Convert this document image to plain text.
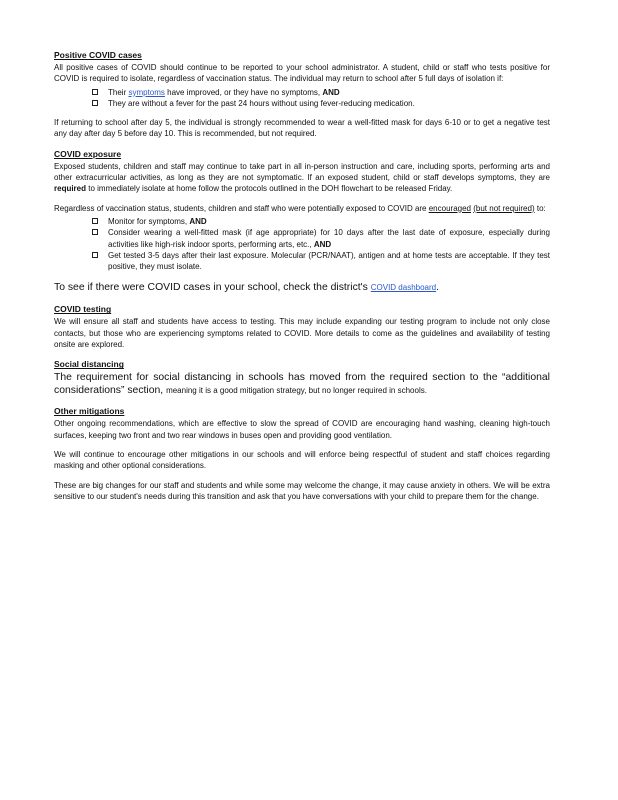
Positive COVID cases

All positive cases of COVID should continue to be reported to your school administrator. A student, child or staff who tests positive for COVID is required to isolate, regardless of vaccination status. The individual may return to school after 5 full days of isolation if:

Their symptoms have improved, or they have no symptoms, AND
They are without a fever for the past 24 hours without using fever-reducing medication.

If returning to school after day 5, the individual is strongly recommended to wear a well-fitted mask for days 6-10 or to get a negative test any day after day 5 before day 10. This is recommended, but not required.

COVID exposure

Exposed students, children and staff may continue to take part in all in-person instruction and care, including sports, performing arts and other extracurricular activities, as long as they are not symptomatic. If an exposed student, child or staff develops symptoms, they are required to immediately isolate at home follow the protocols outlined in the DOH flowchart to be released Friday.

Regardless of vaccination status, students, children and staff who were potentially exposed to COVID are encouraged (but not required) to:

Monitor for symptoms, AND
Consider wearing a well-fitted mask (if age appropriate) for 10 days after the last date of exposure, especially during activities like high-risk indoor sports, performing arts, etc., AND
Get tested 3-5 days after their last exposure. Molecular (PCR/NAAT), antigen and at home tests are acceptable. If they test positive, they must isolate.

To see if there were COVID cases in your school, check the district's COVID dashboard.

COVID testing

We will ensure all staff and students have access to testing. This may include expanding our testing program to include not only close contacts, but those who are experiencing symptoms related to COVID. More details to come as the guidelines and availability of testing onsite are explored.

Social distancing

The requirement for social distancing in schools has moved from the required section to the “additional considerations” section, meaning it is a good mitigation strategy, but no longer required in schools.

Other mitigations

Other ongoing recommendations, which are effective to slow the spread of COVID are encouraging hand washing, cleaning high-touch surfaces, keeping two front and two rear windows in buses open and providing good ventilation.

We will continue to encourage other mitigations in our schools and will enforce being respectful of student and staff choices regarding masking and other optional considerations.

These are big changes for our staff and students and while some may welcome the change, it may cause anxiety in others. We will be extra sensitive to our student's needs during this transition and ask that you have conversations with your child to prepare them for the change.
